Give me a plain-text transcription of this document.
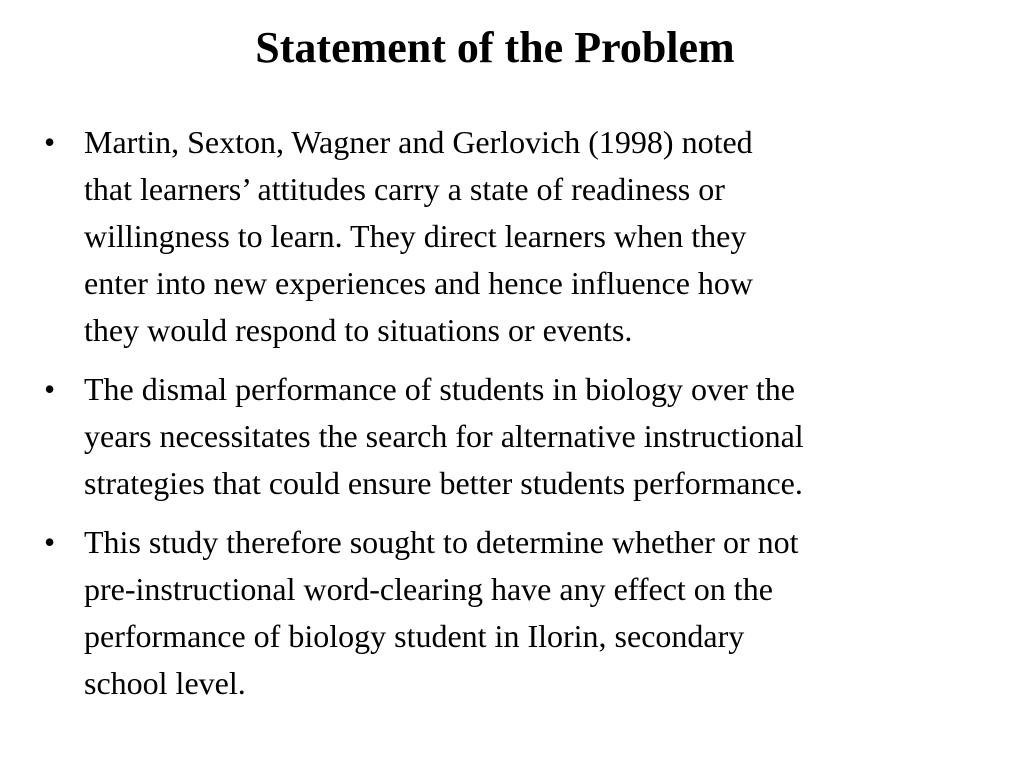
Statement of the Problem
• Martin, Sexton, Wagner and Gerlovich (1998) noted
that learners’ attitudes carry a state of readiness or
willingness to learn. They direct learners when they
enter into new experiences and hence influence how
they would respond to situations or events.
• The dismal performance of students in biology over the
years necessitates the search for alternative instructional
strategies that could ensure better students performance.
• This study therefore sought to determine whether or not
pre-instructional word-clearing have any effect on the
performance of biology student in Ilorin, secondary
school level.
